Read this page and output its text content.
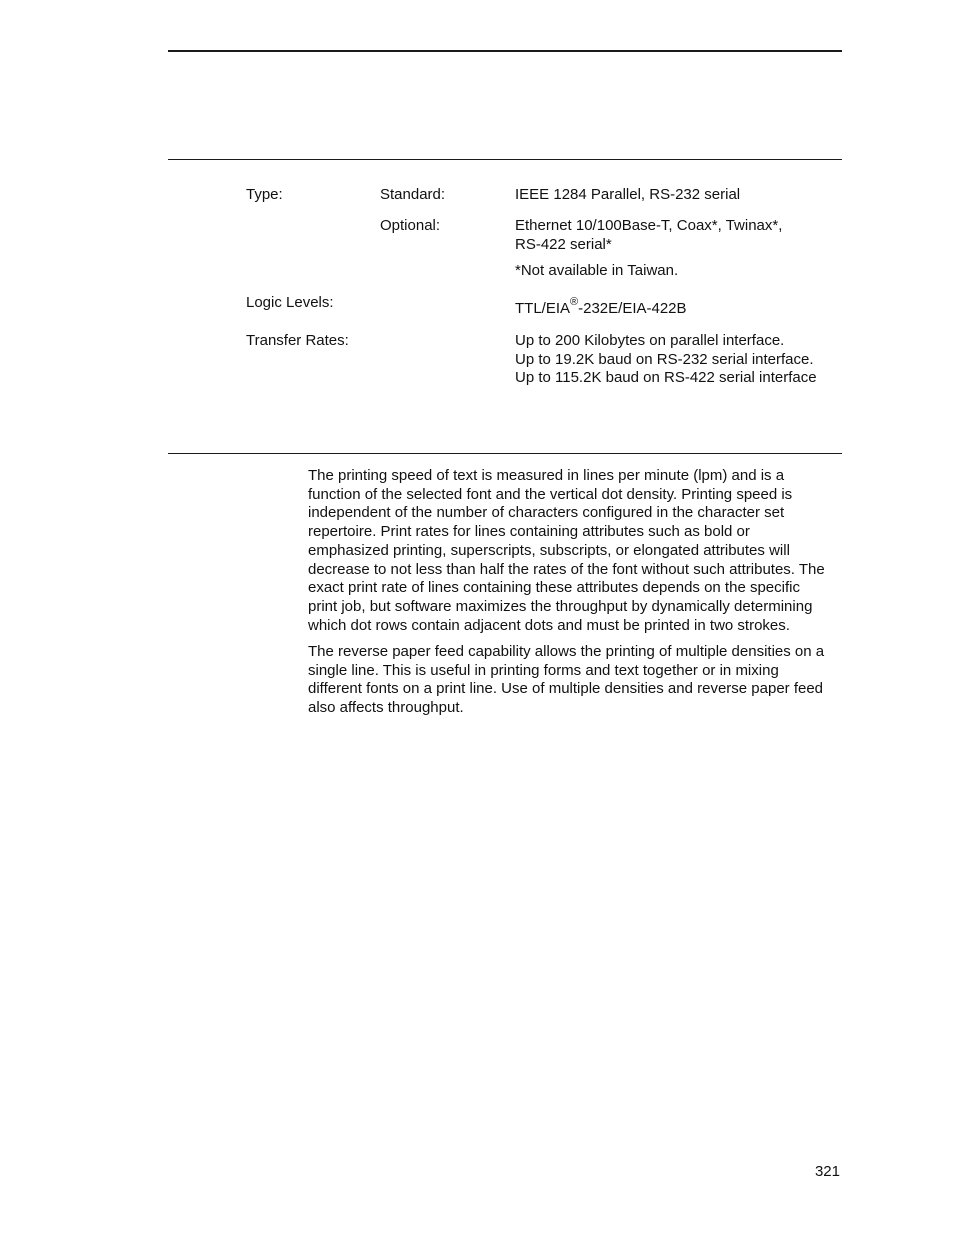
Type:	Standard:	IEEE 1284 Parallel, RS-232 serial
Optional:	Ethernet 10/100Base-T, Coax*, Twinax*,
RS-422 serial*
*Not available in Taiwan.
Logic Levels:	TTL/EIA®-232E/EIA-422B
Transfer Rates:	Up to 200 Kilobytes on parallel interface.
Up to 19.2K baud on RS-232 serial interface.
Up to 115.2K baud on RS-422 serial interface
The printing speed of text is measured in lines per minute (lpm) and is a
function of the selected font and the vertical dot density. Printing speed is
independent of the number of characters configured in the character set
repertoire. Print rates for lines containing attributes such as bold or
emphasized printing, superscripts, subscripts, or elongated attributes will
decrease to not less than half the rates of the font without such attributes. The
exact print rate of lines containing these attributes depends on the specific
print job, but software maximizes the throughput by dynamically determining
which dot rows contain adjacent dots and must be printed in two strokes.
The reverse paper feed capability allows the printing of multiple densities on a
single line. This is useful in printing forms and text together or in mixing
different fonts on a print line. Use of multiple densities and reverse paper feed
also affects throughput.
321
